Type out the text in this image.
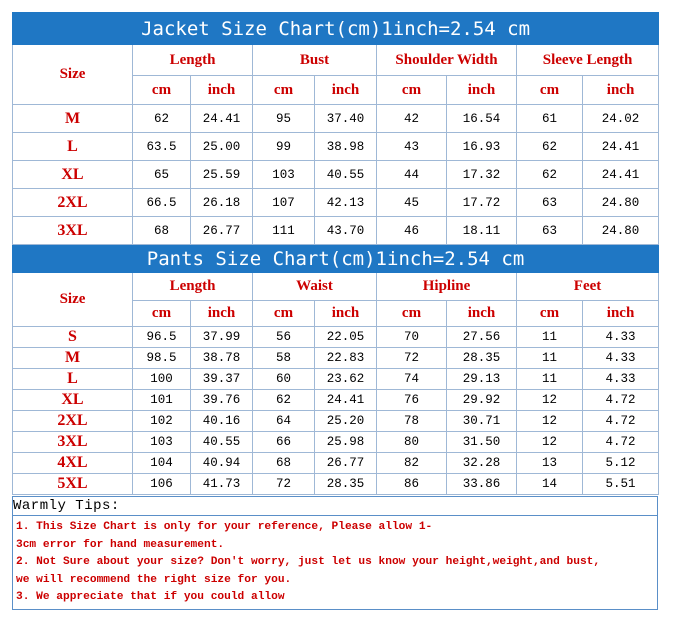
Jacket Size Chart(cm)1inch=2.54 cm								
Size	Length		Bust		Shoulder Width		Sleeve Length	
	cm	inch	cm	inch	cm	inch	cm	inch
M	62	24.41	95	37.40	42	16.54	61	24.02
L	63.5	25.00	99	38.98	43	16.93	62	24.41
XL	65	25.59	103	40.55	44	17.32	62	24.41
2XL	66.5	26.18	107	42.13	45	17.72	63	24.80
3XL	68	26.77	111	43.70	46	18.11	63	24.80
Pants Size Chart(cm)1inch=2.54 cm								
Size	Length		Waist		Hipline		Feet	
	cm	inch	cm	inch	cm	inch	cm	inch
S	96.5	37.99	56	22.05	70	27.56	11	4.33
M	98.5	38.78	58	22.83	72	28.35	11	4.33
L	100	39.37	60	23.62	74	29.13	11	4.33
XL	101	39.76	62	24.41	76	29.92	12	4.72
2XL	102	40.16	64	25.20	78	30.71	12	4.72
3XL	103	40.55	66	25.98	80	31.50	12	4.72
4XL	104	40.94	68	26.77	82	32.28	13	5.12
5XL	106	41.73	72	28.35	86	33.86	14	5.51
Warmly Tips:
1. This Size Chart is only for your reference, Please allow 1-
3cm error for hand measurement.
2. Not Sure about your size? Don't worry, just let us know your height,weight,and bust,
we will recommend the right size for you.
3. We appreciate that if you could allow
